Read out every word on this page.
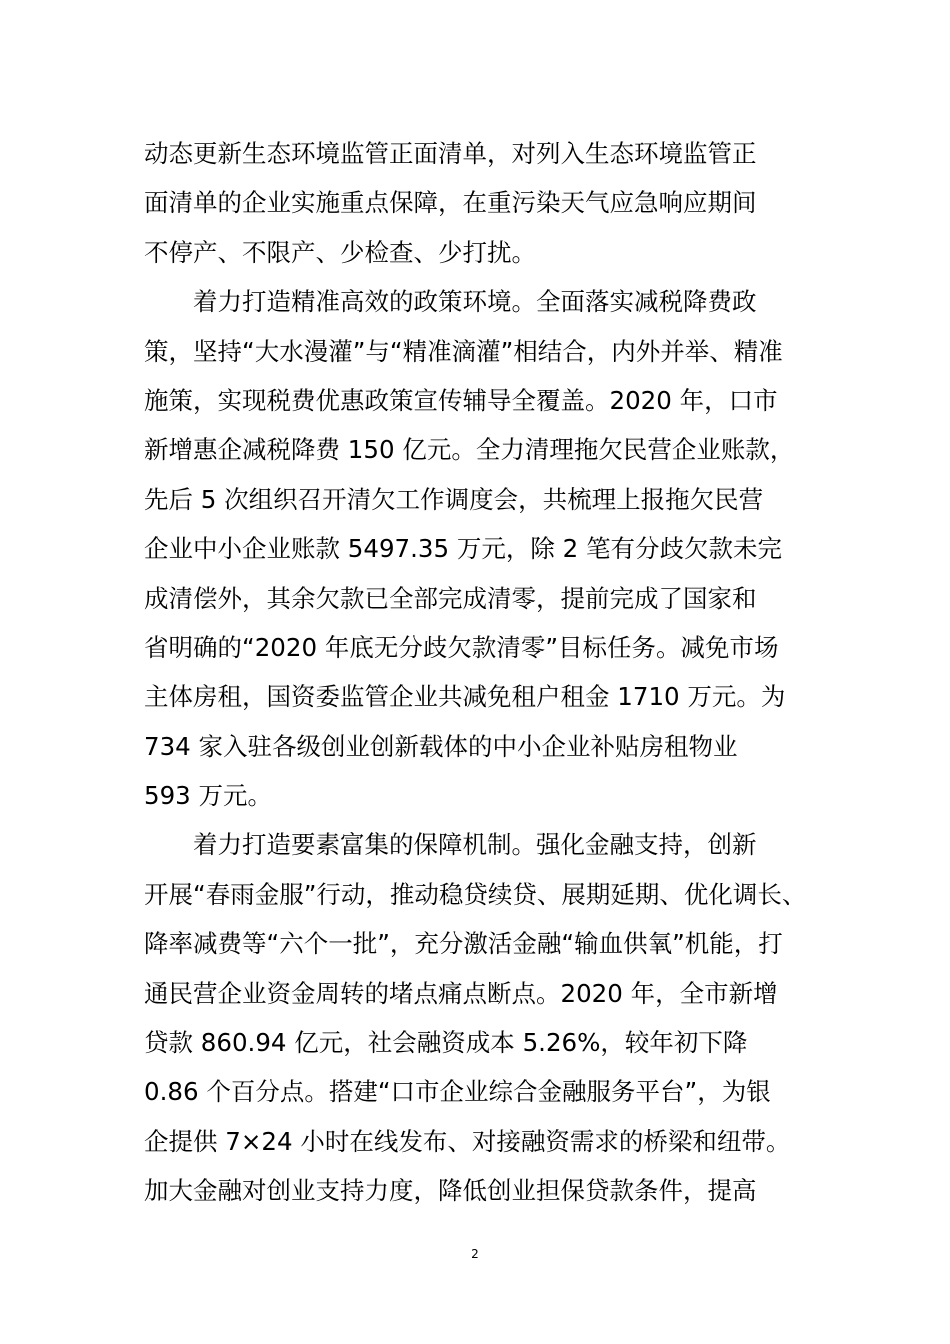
动态更新生态环境监管正面清单，对列入生态环境监管正
面清单的企业实施重点保障，在重污染天气应急响应期间
不停产、不限产、少检查、少打扰。
着力打造精准高效的政策环境。全面落实减税降费政
策，坚持“大水漫灌”与“精准滴灌”相结合，内外并举、精准
施策，实现税费优惠政策宣传辅导全覆盖。2020 年，口市
新增惠企减税降费 150 亿元。全力清理拖欠民营企业账款，
先后 5 次组织召开清欠工作调度会，共梳理上报拖欠民营
企业中小企业账款 5497.35 万元，除 2 笔有分歧欠款未完
成清偿外，其余欠款已全部完成清零，提前完成了国家和
省明确的“2020 年底无分歧欠款清零”目标任务。减免市场
主体房租，国资委监管企业共减免租户租金 1710 万元。为
734 家入驻各级创业创新载体的中小企业补贴房租物业
593 万元。
着力打造要素富集的保障机制。强化金融支持，创新
开展“春雨金服”行动，推动稳贷续贷、展期延期、优化调长、
降率减费等“六个一批”，充分激活金融“输血供氧”机能，打
通民营企业资金周转的堵点痛点断点。2020 年，全市新增
贷款 860.94 亿元，社会融资成本 5.26%，较年初下降
0.86 个百分点。搭建“口市企业综合金融服务平台”，为银
企提供 7×24 小时在线发布、对接融资需求的桥梁和纽带。
加大金融对创业支持力度，降低创业担保贷款条件，提高
2
